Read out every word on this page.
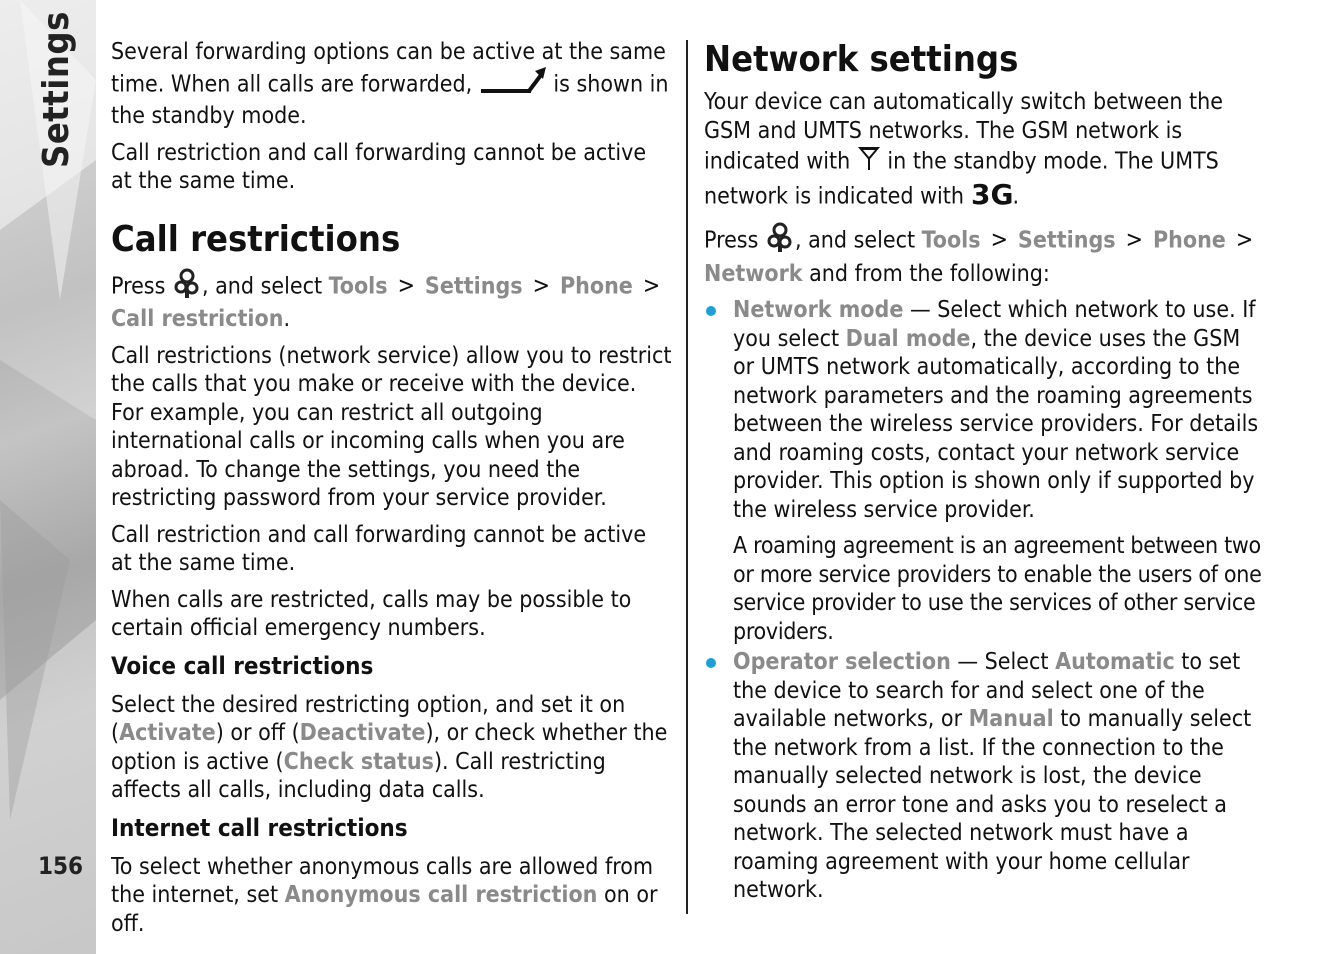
Settings
156

Several forwarding options can be active at the same time. When all calls are forwarded,	is shown in the standby mode.

Call restriction and call forwarding cannot be active at the same time.

Call restrictions

Press , and select Tools > Settings > Phone >
Call restriction.

Call restrictions (network service) allow you to restrict the calls that you make or receive with the device. For example, you can restrict all outgoing international calls or incoming calls when you are abroad. To change the settings, you need the restricting password from your service provider.

Call restriction and call forwarding cannot be active at the same time.

When calls are restricted, calls may be possible to certain official emergency numbers.

Voice call restrictions

Select the desired restricting option, and set it on (Activate) or off (Deactivate), or check whether the option is active (Check status). Call restricting affects all calls, including data calls.

Internet call restrictions

To select whether anonymous calls are allowed from the internet, set Anonymous call restriction on or off.

Network settings

Your device can automatically switch between the GSM and UMTS networks. The GSM network is indicated with  in the standby mode. The UMTS network is indicated with 3G .

Press , and select Tools > Settings > Phone >
Network and from the following:

Network mode — Select which network to use. If you select Dual mode, the device uses the GSM or UMTS network automatically, according to the network parameters and the roaming agreements between the wireless service providers. For details and roaming costs, contact your network service provider. This option is shown only if supported by the wireless service provider.
A roaming agreement is an agreement between two or more service providers to enable the users of one service provider to use the services of other service providers.
Operator selection — Select Automatic to set the device to search for and select one of the available networks, or Manual to manually select the network from a list. If the connection to the manually selected network is lost, the device sounds an error tone and asks you to reselect a network. The selected network must have a roaming agreement with your home cellular network.
